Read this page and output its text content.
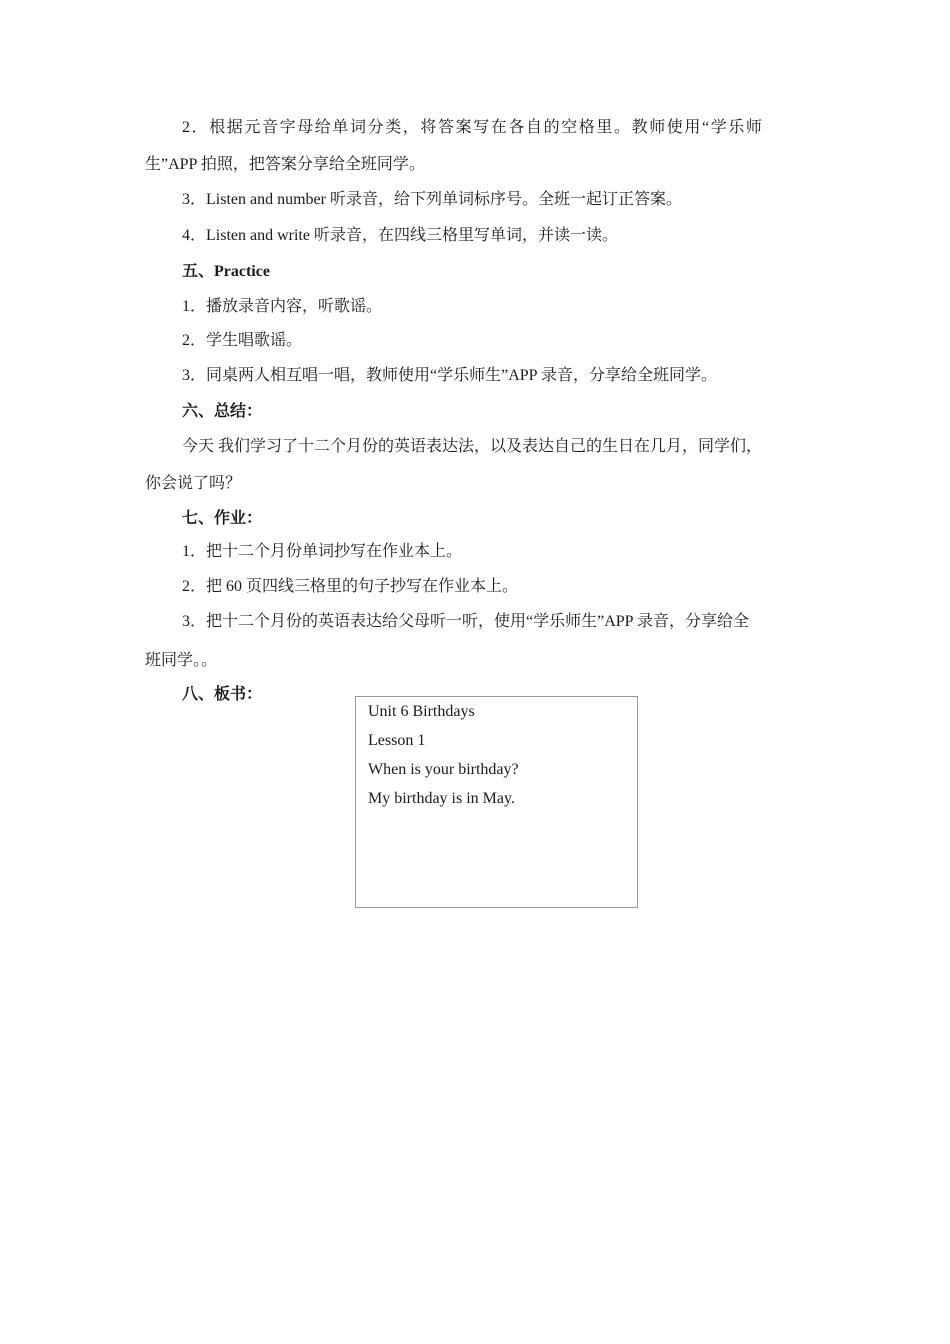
2．根据元音字母给单词分类，将答案写在各自的空格里。教师使用“学乐师
生”APP 拍照，把答案分享给全班同学。
3．Listen and number 听录音，给下列单词标序号。全班一起订正答案。
4．Listen and write 听录音，在四线三格里写单词，并读一读。
五、Practice
1．播放录音内容，听歌谣。
2．学生唱歌谣。
3．同桌两人相互唱一唱，教师使用“学乐师生”APP 录音，分享给全班同学。
六、总结：
今天 我们学习了十二个月份的英语表达法，以及表达自己的生日在几月，同学们，
你会说了吗？
七、作业：
1．把十二个月份单词抄写在作业本上。
2．把 60 页四线三格里的句子抄写在作业本上。
3．把十二个月份的英语表达给父母听一听，使用“学乐师生”APP 录音，分享给全
班同学。。
八、板书：
Unit 6 Birthdays
Lesson 1
When is your birthday?
My birthday is in May.
